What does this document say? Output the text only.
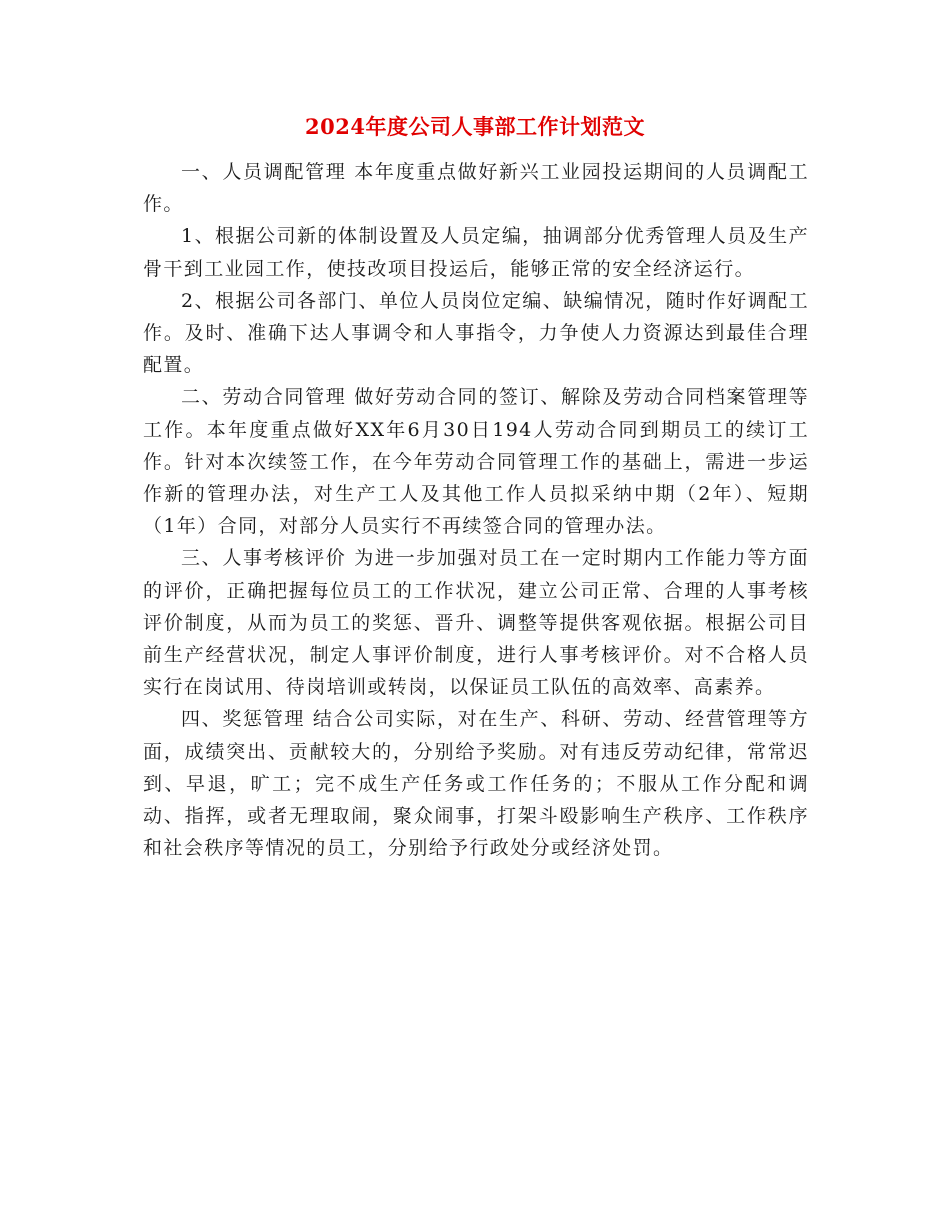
2024年度公司人事部工作计划范文

一、人员调配管理 本年度重点做好新兴工业园投运期间的人员调配工作。

1、根据公司新的体制设置及人员定编，抽调部分优秀管理人员及生产骨干到工业园工作，使技改项目投运后，能够正常的安全经济运行。

2、根据公司各部门、单位人员岗位定编、缺编情况，随时作好调配工作。及时、准确下达人事调令和人事指令，力争使人力资源达到最佳合理配置。

二、劳动合同管理 做好劳动合同的签订、解除及劳动合同档案管理等工作。本年度重点做好XX年6月30日194人劳动合同到期员工的续订工作。针对本次续签工作，在今年劳动合同管理工作的基础上，需进一步运作新的管理办法，对生产工人及其他工作人员拟采纳中期（2年）、短期（1年）合同，对部分人员实行不再续签合同的管理办法。

三、人事考核评价 为进一步加强对员工在一定时期内工作能力等方面的评价，正确把握每位员工的工作状况，建立公司正常、合理的人事考核评价制度，从而为员工的奖惩、晋升、调整等提供客观依据。根据公司目前生产经营状况，制定人事评价制度，进行人事考核评价。对不合格人员实行在岗试用、待岗培训或转岗，以保证员工队伍的高效率、高素养。

四、奖惩管理 结合公司实际，对在生产、科研、劳动、经营管理等方面，成绩突出、贡献较大的，分别给予奖励。对有违反劳动纪律，常常迟到、早退，旷工；完不成生产任务或工作任务的；不服从工作分配和调动、指挥，或者无理取闹，聚众闹事，打架斗殴影响生产秩序、工作秩序和社会秩序等情况的员工，分别给予行政处分或经济处罚。
